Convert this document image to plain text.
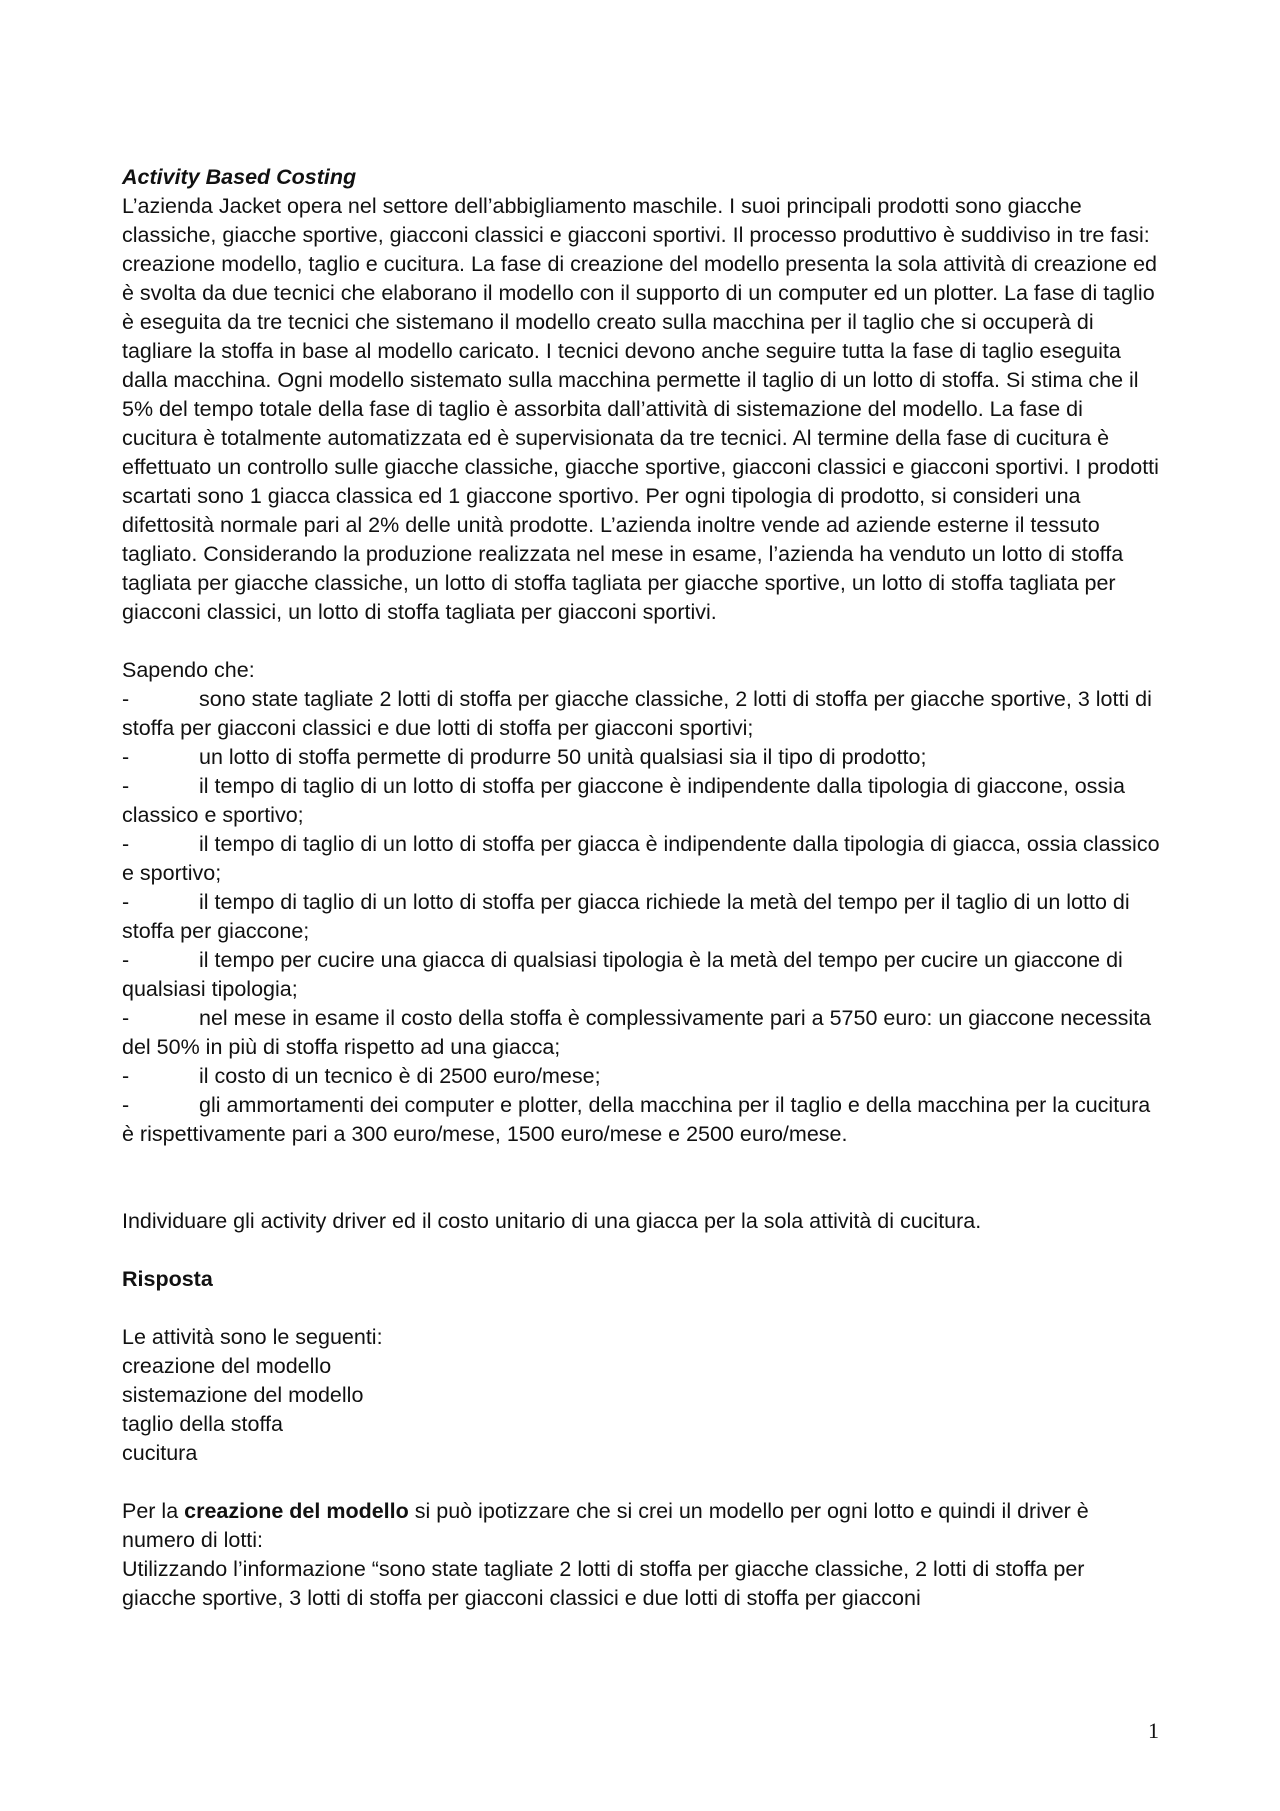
Activity Based Costing

L’azienda Jacket opera nel settore dell’abbigliamento maschile. I suoi principali prodotti sono giacche classiche, giacche sportive, giacconi classici e giacconi sportivi. Il processo produttivo è suddiviso in tre fasi: creazione modello, taglio e cucitura. La fase di creazione del modello presenta la sola attività di creazione ed è svolta da due tecnici che elaborano il modello con il supporto di un computer ed un plotter. La fase di taglio è eseguita da tre tecnici che sistemano il modello creato sulla macchina per il taglio che si occuperà di tagliare la stoffa in base al modello caricato. I tecnici devono anche seguire tutta la fase di taglio eseguita dalla macchina. Ogni modello sistemato sulla macchina permette il taglio di un lotto di stoffa. Si stima che il 5% del tempo totale della fase di taglio è assorbita dall’attività di sistemazione del modello. La fase di cucitura è totalmente automatizzata ed è supervisionata da tre tecnici. Al termine della fase di cucitura è effettuato un controllo sulle giacche classiche, giacche sportive, giacconi classici e giacconi sportivi. I prodotti scartati sono 1 giacca classica ed 1 giaccone sportivo. Per ogni tipologia di prodotto, si consideri una difettosità normale pari al 2% delle unità prodotte. L’azienda inoltre vende ad aziende esterne il tessuto tagliato. Considerando la produzione realizzata nel mese in esame, l’azienda ha venduto un lotto di stoffa tagliata per giacche classiche, un lotto di stoffa tagliata per giacche sportive, un lotto di stoffa tagliata per giacconi classici, un lotto di stoffa tagliata per giacconi sportivi.

Sapendo che:

-	sono state tagliate 2 lotti di stoffa per giacche classiche, 2 lotti di stoffa per giacche sportive, 3 lotti di stoffa per giacconi classici e due lotti di stoffa per giacconi sportivi;

-	un lotto di stoffa permette di produrre 50 unità qualsiasi sia il tipo di prodotto;

-	il tempo di taglio di un lotto di stoffa per giaccone è indipendente dalla tipologia di giaccone, ossia classico e sportivo;

-	il tempo di taglio di un lotto di stoffa per giacca è indipendente dalla tipologia di giacca, ossia classico e sportivo;

-	il tempo di taglio di un lotto di stoffa per giacca richiede la metà del tempo per il taglio di un lotto di stoffa per giaccone;

-	il tempo per cucire una giacca di qualsiasi tipologia è la metà del tempo per cucire un giaccone di qualsiasi tipologia;

-	nel mese in esame il costo della stoffa è complessivamente pari a 5750 euro: un giaccone necessita del 50% in più di stoffa rispetto ad una giacca;

-	il costo di un tecnico è di 2500 euro/mese;

-	gli ammortamenti dei computer e plotter, della macchina per il taglio e della macchina per la cucitura è rispettivamente pari a 300 euro/mese, 1500 euro/mese e 2500 euro/mese.

Individuare gli activity driver ed il costo unitario di una giacca per la sola attività di cucitura.

Risposta

Le attività sono le seguenti:

creazione del modello

sistemazione del modello

taglio della stoffa

cucitura

Per la creazione del modello si può ipotizzare che si crei un modello per ogni lotto e quindi il driver è numero di lotti:

Utilizzando l’informazione “sono state tagliate 2 lotti di stoffa per giacche classiche, 2 lotti di stoffa per giacche sportive, 3 lotti di stoffa per giacconi classici e due lotti di stoffa per giacconi

1
